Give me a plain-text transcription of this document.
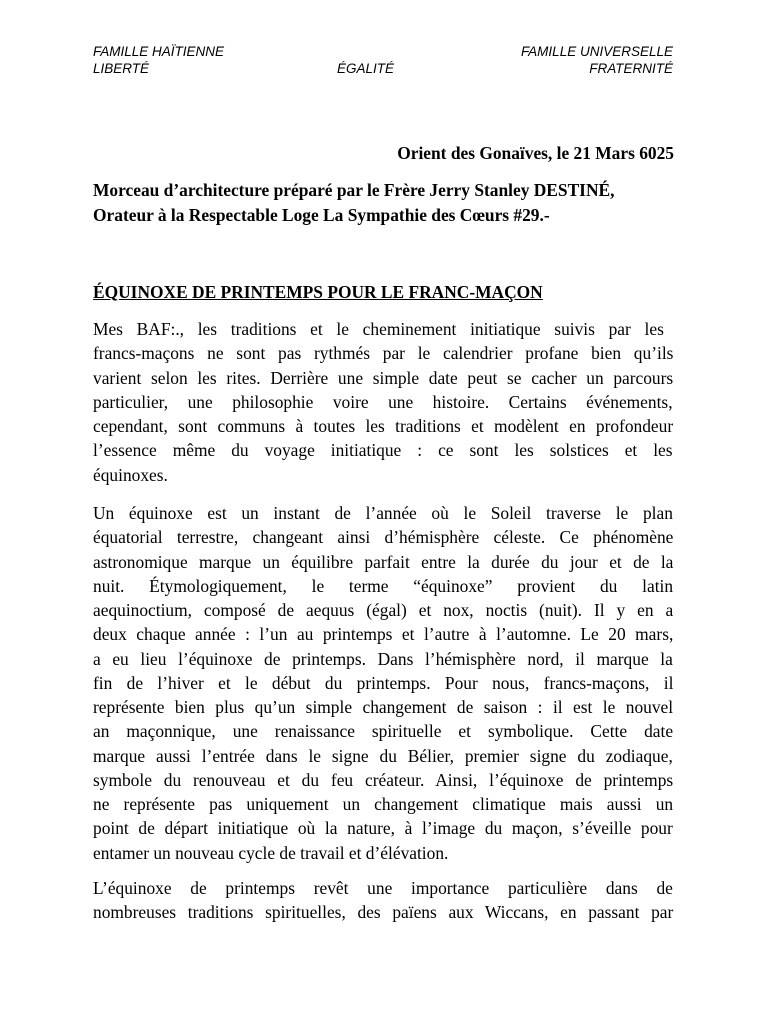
FAMILLE HAÏTIENNE	FAMILLE UNIVERSELLE
LIBERTÉ	ÉGALITÉ	FRATERNITÉ
Orient des Gonaïves, le 21 Mars 6025
Morceau d’architecture préparé par le Frère Jerry Stanley DESTINÉ,
Orateur à la Respectable Loge La Sympathie des Cœurs #29.-
ÉQUINOXE DE PRINTEMPS POUR LE FRANC-MAÇON
Mes BAF:., les traditions et le cheminement initiatique suivis par les
francs-maçons ne sont pas rythmés par le calendrier profane bien qu’ils
varient selon les rites. Derrière une simple date peut se cacher un parcours
particulier, une philosophie voire une histoire. Certains événements,
cependant, sont communs à toutes les traditions et modèlent en profondeur
l’essence même du voyage initiatique : ce sont les solstices et les
équinoxes.
Un équinoxe est un instant de l’année où le Soleil traverse le plan
équatorial terrestre, changeant ainsi d’hémisphère céleste. Ce phénomène
astronomique marque un équilibre parfait entre la durée du jour et de la
nuit. Étymologiquement, le terme “équinoxe” provient du latin
aequinoctium, composé de aequus (égal) et nox, noctis (nuit). Il y en a
deux chaque année : l’un au printemps et l’autre à l’automne. Le 20 mars,
a eu lieu l’équinoxe de printemps. Dans l’hémisphère nord, il marque la
fin de l’hiver et le début du printemps. Pour nous, francs-maçons, il
représente bien plus qu’un simple changement de saison : il est le nouvel
an maçonnique, une renaissance spirituelle et symbolique. Cette date
marque aussi l’entrée dans le signe du Bélier, premier signe du zodiaque,
symbole du renouveau et du feu créateur. Ainsi, l’équinoxe de printemps
ne représente pas uniquement un changement climatique mais aussi un
point de départ initiatique où la nature, à l’image du maçon, s’éveille pour
entamer un nouveau cycle de travail et d’élévation.
L’équinoxe de printemps revêt une importance particulière dans de
nombreuses traditions spirituelles, des païens aux Wiccans, en passant par
